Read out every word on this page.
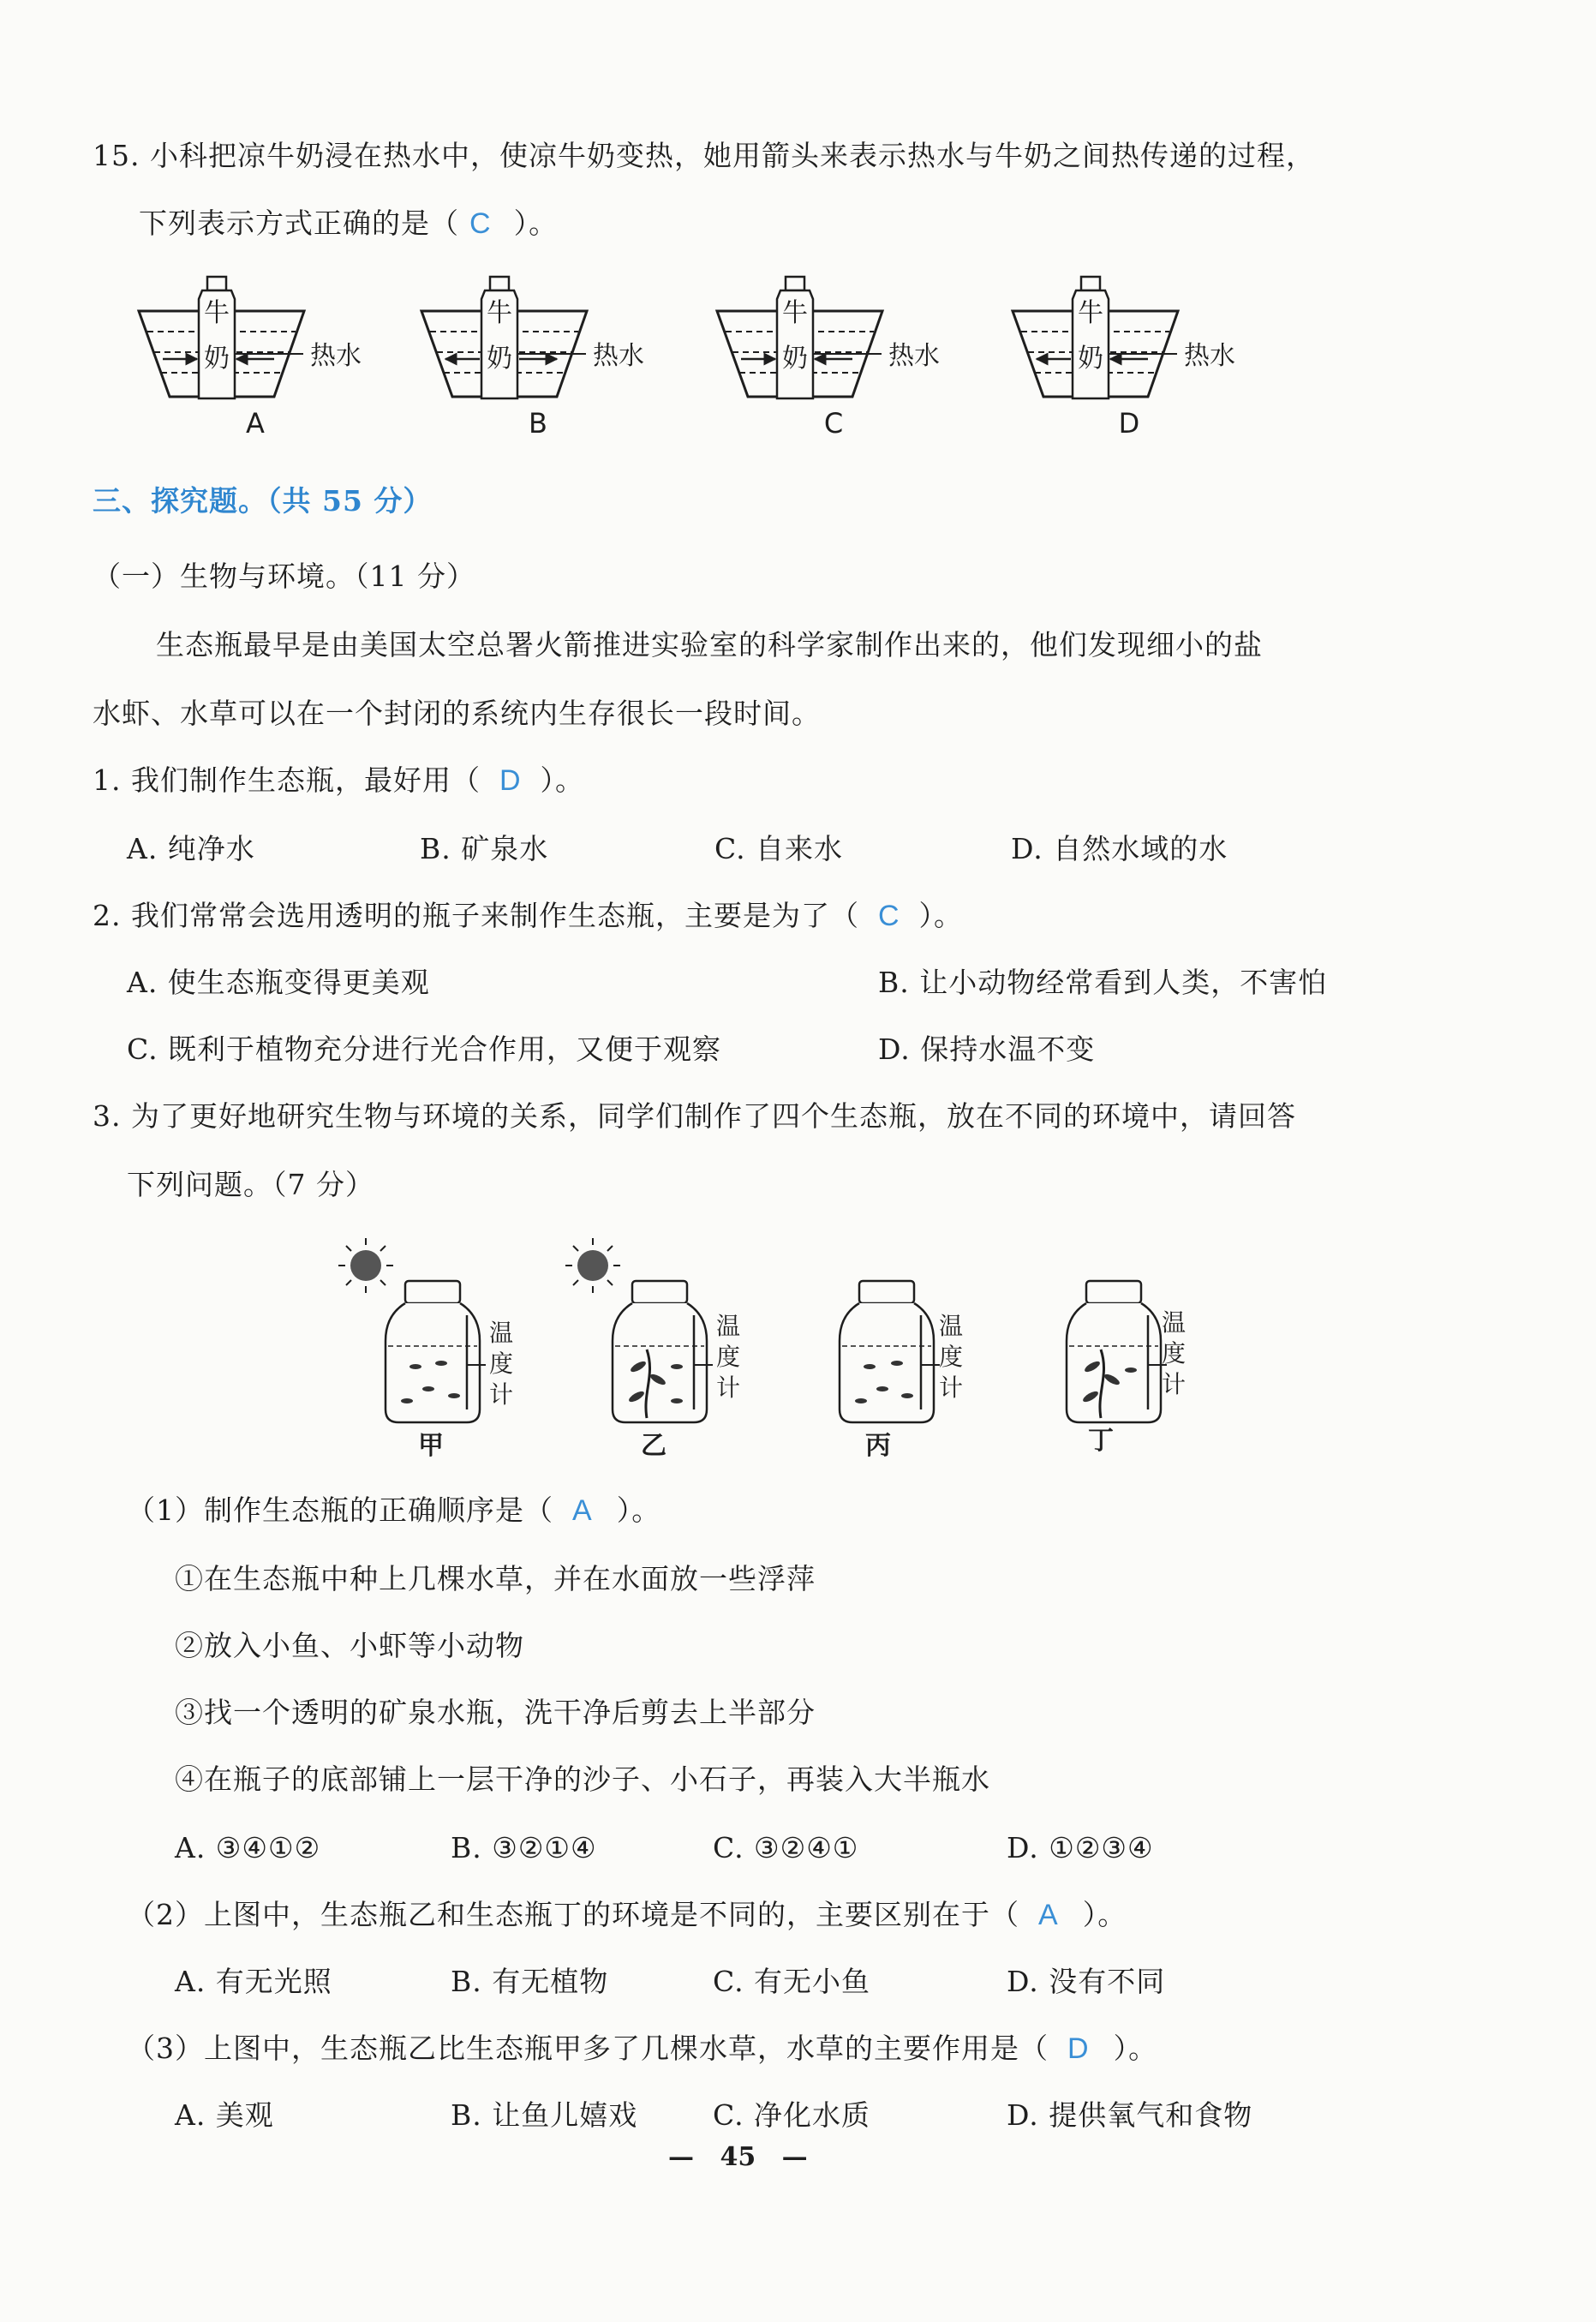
15. 小科把凉牛奶浸在热水中，使凉牛奶变热，她用箭头来表示热水与牛奶之间热传递的过程，
下列表示方式正确的是（ C ）。
牛
奶	热水
A
牛
奶	热水
B
牛
奶	热水
C
牛
奶	热水
D
三、探究题。（共 55 分）
（一）生物与环境。（11 分）
生态瓶最早是由美国太空总署火箭推进实验室的科学家制作出来的，他们发现细小的盐
水虾、水草可以在一个封闭的系统内生存很长一段时间。
1. 我们制作生态瓶，最好用（ D ）。
A. 纯净水	B. 矿泉水	C. 自来水	D. 自然水域的水
2. 我们常常会选用透明的瓶子来制作生态瓶，主要是为了（ C ）。
A. 使生态瓶变得更美观	B. 让小动物经常看到人类，不害怕
C. 既利于植物充分进行光合作用，又便于观察	D. 保持水温不变
3. 为了更好地研究生物与环境的关系，同学们制作了四个生态瓶，放在不同的环境中，请回答
下列问题。（7 分）
温
度
计
温
度
计
温
度
计
温
度
计
甲	乙	丙	丁
（1）制作生态瓶的正确顺序是（ A ）。
①在生态瓶中种上几棵水草，并在水面放一些浮萍
②放入小鱼、小虾等小动物
③找一个透明的矿泉水瓶，洗干净后剪去上半部分
④在瓶子的底部铺上一层干净的沙子、小石子，再装入大半瓶水
A. ③④①②	B. ③②①④	C. ③②④①	D. ①②③④
（2）上图中，生态瓶乙和生态瓶丁的环境是不同的，主要区别在于（ A ）。
A. 有无光照	B. 有无植物	C. 有无小鱼	D. 没有不同
（3）上图中，生态瓶乙比生态瓶甲多了几棵水草，水草的主要作用是（ D ）。
A. 美观	B. 让鱼儿嬉戏	C. 净化水质	D. 提供氧气和食物
— 45 —
